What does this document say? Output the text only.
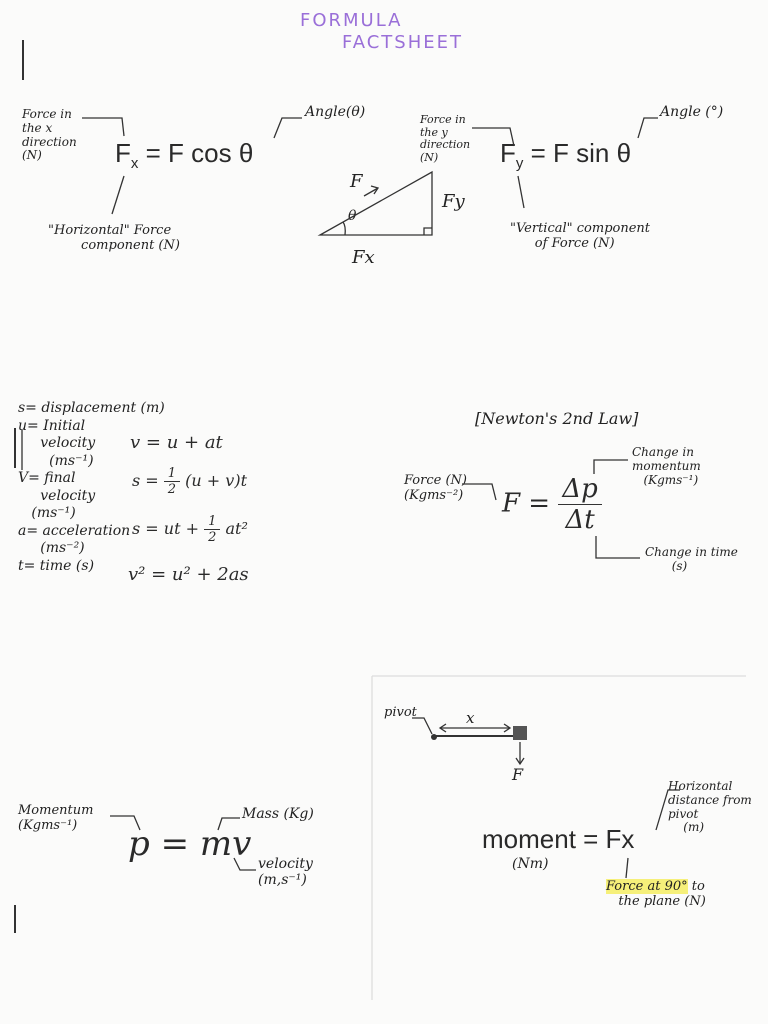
FORMULA
FACTSHEET
Force in
the x
direction
(N)	$F_x = F$ cos θ
Angle(θ)
"Horizontal" Force
component (N)
Force in
the y
direction
(N)	$F_y = F$ sin θ
Angle (°)
"Vertical" component
of Force (N)
F
θ
Fy
Fx
s= displacement (m)
u= Initial
velocity
(ms⁻¹)
V= final
velocity
(ms⁻¹)
a= acceleration
(ms⁻²)
t= time (s)
v = u + at
$s = \frac{1}{2} (u + v)t$
s = ut + $\frac{1}{2} at^2$
v² = u² + 2as
[Newton's 2nd Law]
Force (N)
(Kgms⁻²) $F = \frac{\Delta p}{\Delta t}$
Change in
momentum
(Kgms⁻¹)
Change in time
(s)
Momentum
(Kgms⁻¹)	p = mv
Mass (Kg)
velocity
(m,s⁻¹)
pivot	x
F
moment = Fx
(Nm)
Horizontal
distance from
pivot
(m)
Force at 90° to
the plane (N)
